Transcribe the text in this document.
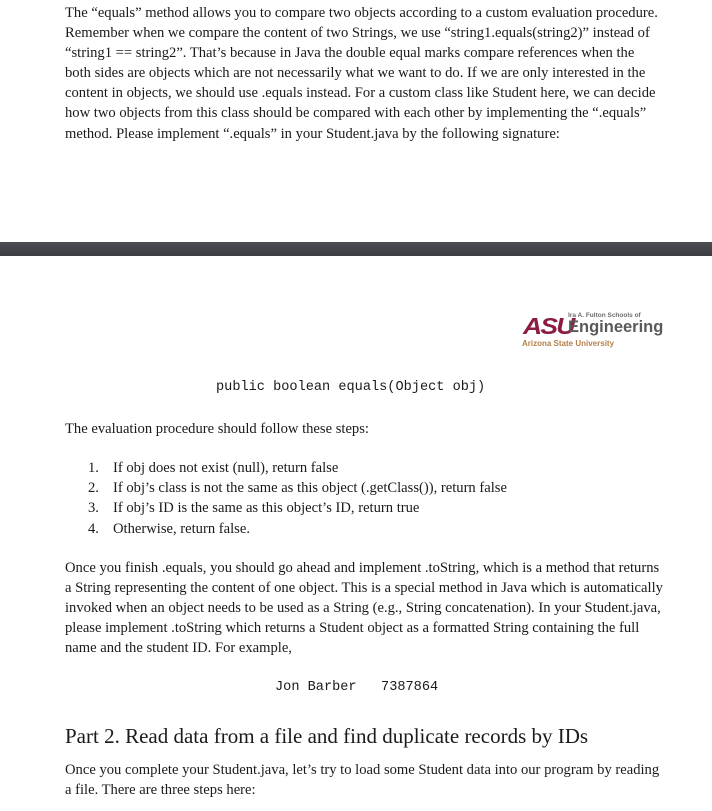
The “equals” method allows you to compare two objects according to a custom evaluation procedure.
Remember when we compare the content of two Strings, we use “string1.equals(string2)” instead of
“string1 == string2”. That’s because in Java the double equal marks compare references when the
both sides are objects which are not necessarily what we want to do. If we are only interested in the
content in objects, we should use .equals instead. For a custom class like Student here, we can decide
how two objects from this class should be compared with each other by implementing the “.equals”
method. Please implement “.equals” in your Student.java by the following signature:

ASU
Ira A. Fulton Schools of
Engineering
Arizona State University
public boolean equals(Object obj)
The evaluation procedure should follow these steps:
1. If obj does not exist (null), return false
2. If obj’s class is not the same as this object (.getClass()), return false
3. If obj’s ID is the same as this object’s ID, return true
4. Otherwise, return false.

Once you finish .equals, you should go ahead and implement .toString, which is a method that returns
a String representing the content of one object. This is a special method in Java which is automatically
invoked when an object needs to be used as a String (e.g., String concatenation). In your Student.java,
please implement .toString which returns a Student object as a formatted String containing the full
name and the student ID. For example,

Jon Barber   7387864
Part 2. Read data from a file and find duplicate records by IDs

Once you complete your Student.java, let’s try to load some Student data into our program by reading
a file. There are three steps here:
